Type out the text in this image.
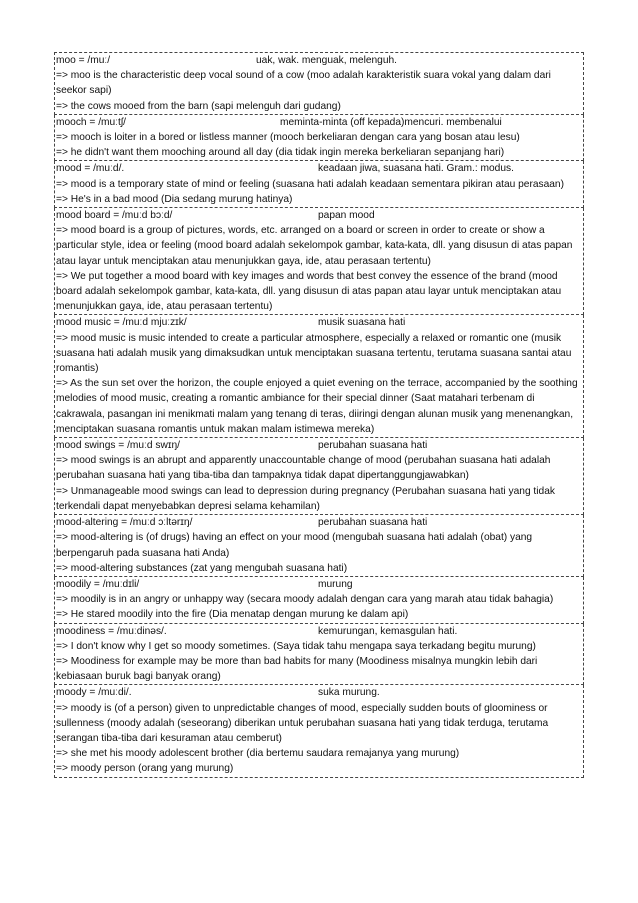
moo = /muː/	uak, wak. menguak, melenguh.
=> moo is the characteristic deep vocal sound of a cow (moo adalah karakteristik suara vokal yang dalam dari seekor sapi)
=> the cows mooed from the barn (sapi melenguh dari gudang)
mooch = /muːtʃ/	meminta-minta (off kepada)mencuri. membenalui
=> mooch is loiter in a bored or listless manner (mooch berkeliaran dengan cara yang bosan atau lesu)
=> he didn't want them mooching around all day (dia tidak ingin mereka berkeliaran sepanjang hari)
mood = /muːd/.	keadaan jiwa, suasana hati. Gram.: modus.
=> mood is a temporary state of mind or feeling (suasana hati adalah keadaan sementara pikiran atau perasaan)
=> He's in a bad mood (Dia sedang murung hatinya)
mood board = /muːd bɔːd/	papan mood
=> mood board is a group of pictures, words, etc. arranged on a board or screen in order to create or show a particular style, idea or feeling (mood board adalah sekelompok gambar, kata-kata, dll. yang disusun di atas papan atau layar untuk menciptakan atau menunjukkan gaya, ide, atau perasaan tertentu)
=> We put together a mood board with key images and words that best convey the essence of the brand (mood board adalah sekelompok gambar, kata-kata, dll. yang disusun di atas papan atau layar untuk menciptakan atau menunjukkan gaya, ide, atau perasaan tertentu)
mood music = /muːd mjuːzɪk/	musik suasana hati
=> mood music is music intended to create a particular atmosphere, especially a relaxed or romantic one (musik suasana hati adalah musik yang dimaksudkan untuk menciptakan suasana tertentu, terutama suasana santai atau romantis)
=> As the sun set over the horizon, the couple enjoyed a quiet evening on the terrace, accompanied by the soothing melodies of mood music, creating a romantic ambiance for their special dinner (Saat matahari terbenam di cakrawala, pasangan ini menikmati malam yang tenang di teras, diiringi dengan alunan musik yang menenangkan, menciptakan suasana romantis untuk makan malam istimewa mereka)
mood swings = /muːd swɪŋ/	perubahan suasana hati
=> mood swings is an abrupt and apparently unaccountable change of mood (perubahan suasana hati adalah perubahan suasana hati yang tiba-tiba dan tampaknya tidak dapat dipertanggungjawabkan)
=> Unmanageable mood swings can lead to depression during pregnancy (Perubahan suasana hati yang tidak terkendali dapat menyebabkan depresi selama kehamilan)
mood-altering = /muːd ɔːltərɪŋ/	perubahan suasana hati
=> mood-altering is (of drugs) having an effect on your mood (mengubah suasana hati adalah (obat) yang berpengaruh pada suasana hati Anda)
=> mood-altering substances (zat yang mengubah suasana hati)
moodily = /muːdɪli/	murung
=> moodily is in an angry or unhappy way (secara moody adalah dengan cara yang marah atau tidak bahagia)
=> He stared moodily into the fire (Dia menatap dengan murung ke dalam api)
moodiness = /muːdinəs/.	kemurungan, kemasgulan hati.
=> I don't know why I get so moody sometimes. (Saya tidak tahu mengapa saya terkadang begitu murung)
=> Moodiness for example may be more than bad habits for many (Moodiness misalnya mungkin lebih dari kebiasaan buruk bagi banyak orang)
moody = /muːdi/.	suka murung.
=> moody is (of a person) given to unpredictable changes of mood, especially sudden bouts of gloominess or sullenness (moody adalah (seseorang) diberikan untuk perubahan suasana hati yang tidak terduga, terutama serangan tiba-tiba dari kesuraman atau cemberut)
=> she met his moody adolescent brother (dia bertemu saudara remajanya yang murung)
=> moody person (orang yang murung)
